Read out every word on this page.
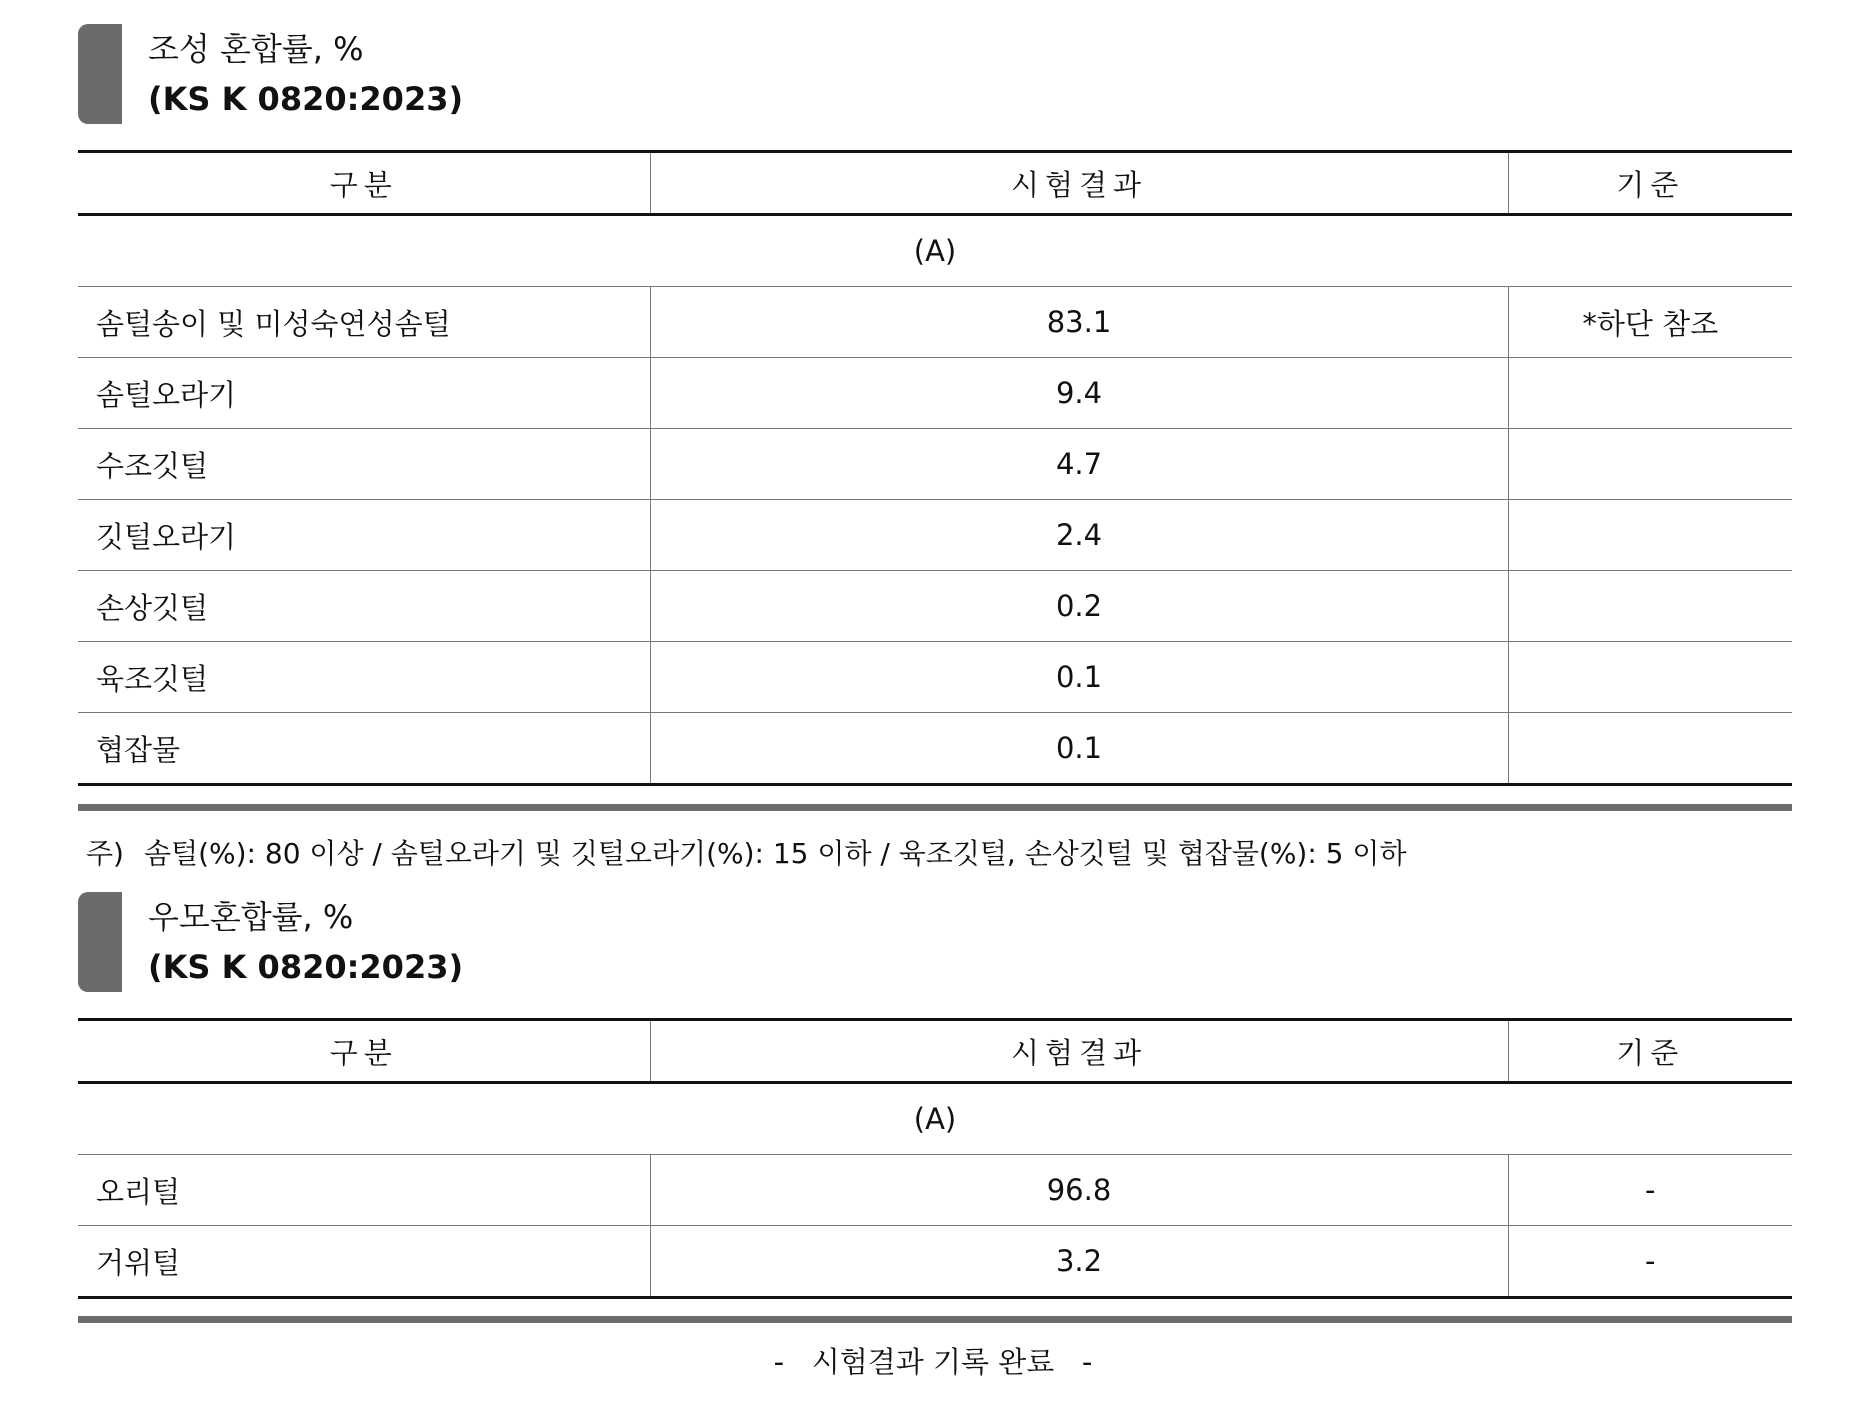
조성 혼합률, %
(KS K 0820:2023)
구분	시험결과	기준
(A)		
솜털송이 및 미성숙연성솜털	83.1	*하단 참조
솜털오라기	9.4	
수조깃털	4.7	
깃털오라기	2.4	
손상깃털	0.2	
육조깃털	0.1	
협잡물	0.1	
주) 솜털(%): 80 이상 / 솜털오라기 및 깃털오라기(%): 15 이하 / 육조깃털, 손상깃털 및 협잡물(%): 5 이하
우모혼합률, %
(KS K 0820:2023)
구분	시험결과	기준
(A)		
오리털	96.8	-
거위털	3.2	-
-   시험결과 기록 완료   -
